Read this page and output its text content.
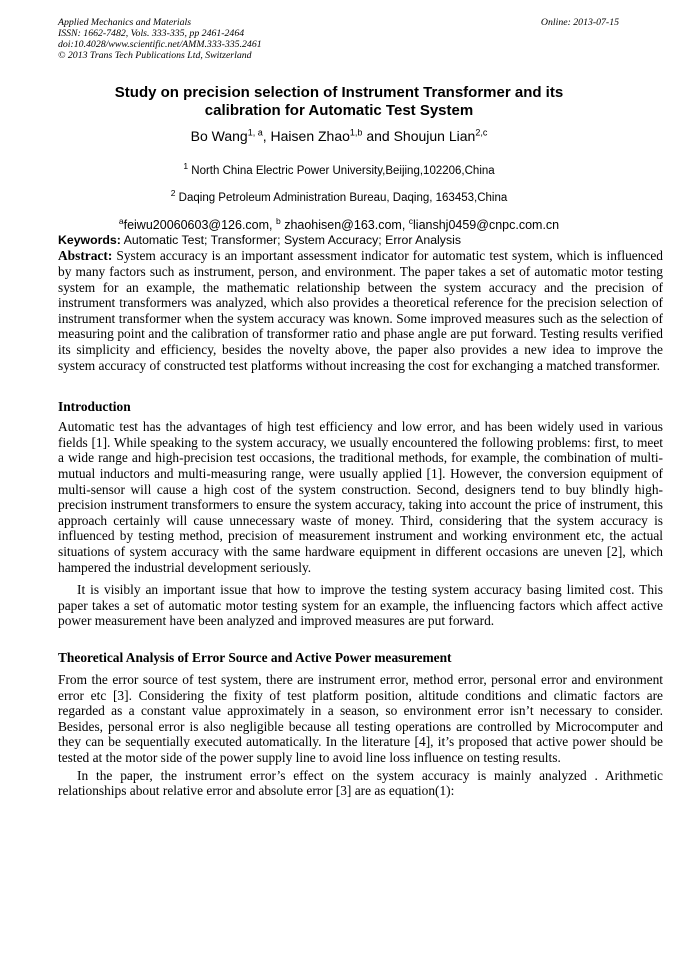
Applied Mechanics and Materials
ISSN: 1662-7482, Vols. 333-335, pp 2461-2464
doi:10.4028/www.scientific.net/AMM.333-335.2461
© 2013 Trans Tech Publications Ltd, Switzerland
Online: 2013-07-15
Study on precision selection of Instrument Transformer and its calibration for Automatic Test System
Bo Wang$^{1, a}$, Haisen Zhao$^{1,b}$ and Shoujun Lian$^{2,c}$
$^1$ North China Electric Power University,Beijing,102206,China
$^2$ Daqing Petroleum Administration Bureau, Daqing, 163453,China
$^a$feiwu20060603@126.com, $^b$ zhaohisen@163.com, $^c$lianshj0459@cnpc.com.cn

Keywords: Automatic Test; Transformer; System Accuracy; Error Analysis

Abstract: System accuracy is an important assessment indicator for automatic test system, which is influenced by many factors such as instrument, person, and environment. The paper takes a set of automatic motor testing system for an example, the mathematic relationship between the system accuracy and the precision of instrument transformers was analyzed, which also provides a theoretical reference for the precision selection of instrument transformer when the system accuracy was known. Some improved measures such as the selection of measuring point and the calibration of transformer ratio and phase angle are put forward. Testing results verified its simplicity and efficiency, besides the novelty above, the paper also provides a new idea to improve the system accuracy of constructed test platforms without increasing the cost for exchanging a matched transformer.

Introduction

Automatic test has the advantages of high test efficiency and low error, and has been widely used in various fields [1]. While speaking to the system accuracy, we usually encountered the following problems: first, to meet a wide range and high-precision test occasions, the traditional methods, for example, the combination of multi-mutual inductors and multi-measuring range, were usually applied [1]. However, the conversion equipment of multi-sensor will cause a high cost of the system construction. Second, designers tend to buy blindly high-precision instrument transformers to ensure the system accuracy, taking into account the price of instrument, this approach certainly will cause unnecessary waste of money. Third, considering that the system accuracy is influenced by testing method, precision of measurement instrument and working environment etc, the actual situations of system accuracy with the same hardware equipment in different occasions are uneven [2], which hampered the industrial development seriously.

It is visibly an important issue that how to improve the testing system accuracy basing limited cost. This paper takes a set of automatic motor testing system for an example, the influencing factors which affect active power measurement have been analyzed and improved measures are put forward.

Theoretical Analysis of Error Source and Active Power measurement

From the error source of test system, there are instrument error, method error, personal error and environment error etc [3]. Considering the fixity of test platform position, altitude conditions and climatic factors are regarded as a constant value approximately in a season, so environment error isn’t necessary to consider. Besides, personal error is also negligible because all testing operations are controlled by Microcomputer and they can be sequentially executed automatically. In the literature [4], it’s proposed that active power should be tested at the motor side of the power supply line to avoid line loss influence on testing results.

In the paper, the instrument error’s effect on the system accuracy is mainly analyzed . Arithmetic relationships about relative error and absolute error [3] are as equation(1):
